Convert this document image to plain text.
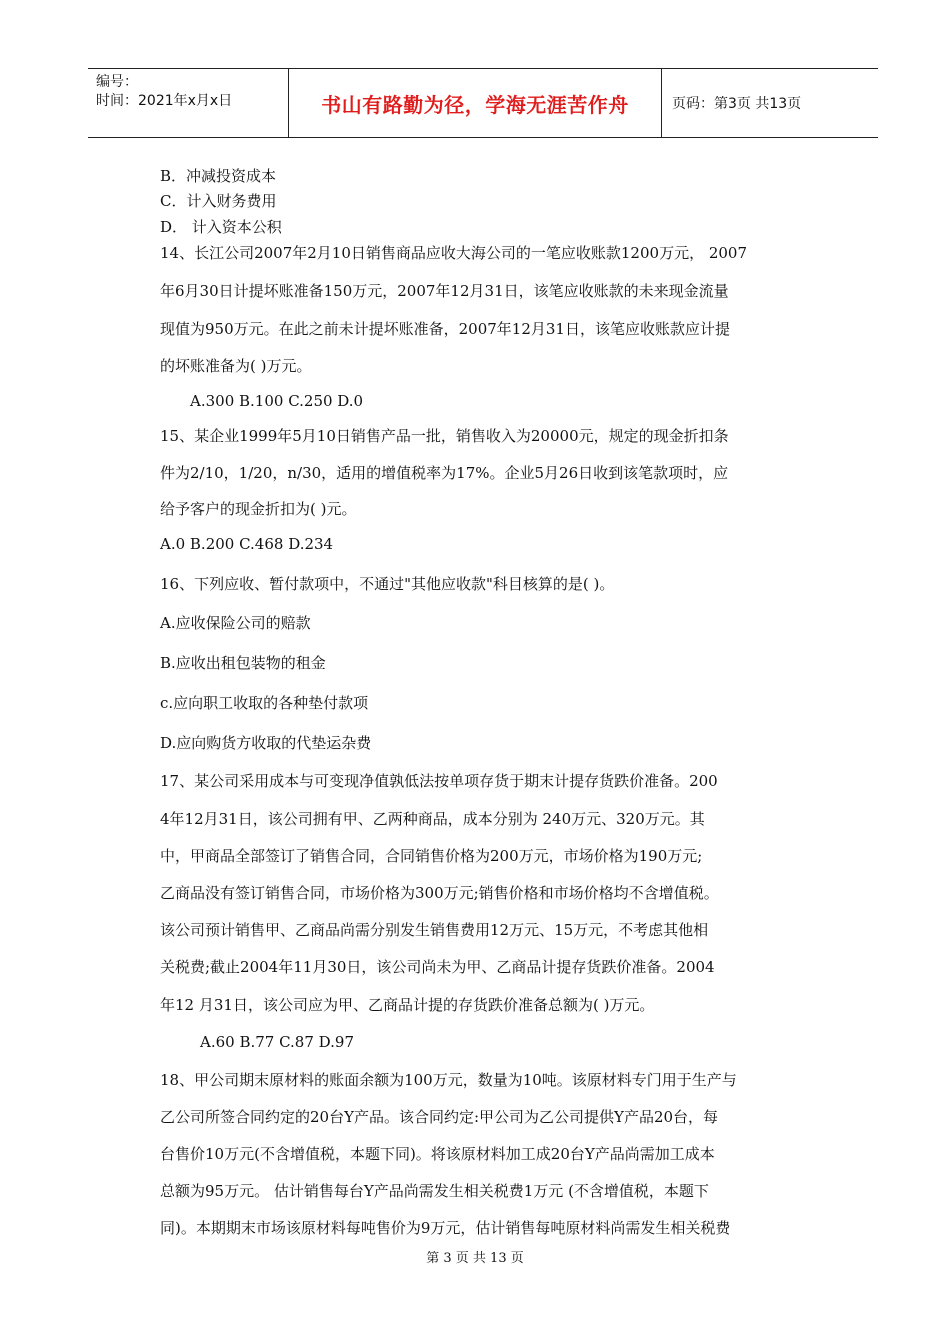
编号：
时间：2021年x月x日	书山有路勤为径，学海无涯苦作舟	页码：第3页 共13页
B．冲减投资成本
C．计入财务费用
D． 计入资本公积
14、长江公司2007年2月10日销售商品应收大海公司的一笔应收账款1200万元， 2007
年6月30日计提坏账准备150万元，2007年12月31日，该笔应收账款的未来现金流量
现值为950万元。在此之前未计提坏账准备，2007年12月31日，该笔应收账款应计提
的坏账准备为( )万元。
A.300 B.100 C.250 D.0
15、某企业1999年5月10日销售产品一批，销售收入为20000元，规定的现金折扣条
件为2/10，1/20，n/30，适用的增值税率为17%。企业5月26日收到该笔款项时，应
给予客户的现金折扣为( )元。
A.0 B.200 C.468 D.234
16、下列应收、暂付款项中，不通过"其他应收款"科目核算的是( )。
A.应收保险公司的赔款
B.应收出租包装物的租金
c.应向职工收取的各种垫付款项
D.应向购货方收取的代垫运杂费
17、某公司采用成本与可变现净值孰低法按单项存货于期末计提存货跌价准备。200
4年12月31日，该公司拥有甲、乙两种商品，成本分别为 240万元、320万元。其
中，甲商品全部签订了销售合同，合同销售价格为200万元，市场价格为190万元;
乙商品没有签订销售合同，市场价格为300万元;销售价格和市场价格均不含增值税。
该公司预计销售甲、乙商品尚需分别发生销售费用12万元、15万元，不考虑其他相
关税费;截止2004年11月30日，该公司尚未为甲、乙商品计提存货跌价准备。2004
年12 月31日，该公司应为甲、乙商品计提的存货跌价准备总额为( )万元。
A.60 B.77 C.87 D.97
18、甲公司期末原材料的账面余额为100万元，数量为10吨。该原材料专门用于生产与
乙公司所签合同约定的20台Y产品。该合同约定:甲公司为乙公司提供Y产品20台，每
台售价10万元(不含增值税，本题下同)。将该原材料加工成20台Y产品尚需加工成本
总额为95万元。 估计销售每台Y产品尚需发生相关税费1万元 (不含增值税，本题下
同)。本期期末市场该原材料每吨售价为9万元，估计销售每吨原材料尚需发生相关税费
第 3 页 共 13 页
